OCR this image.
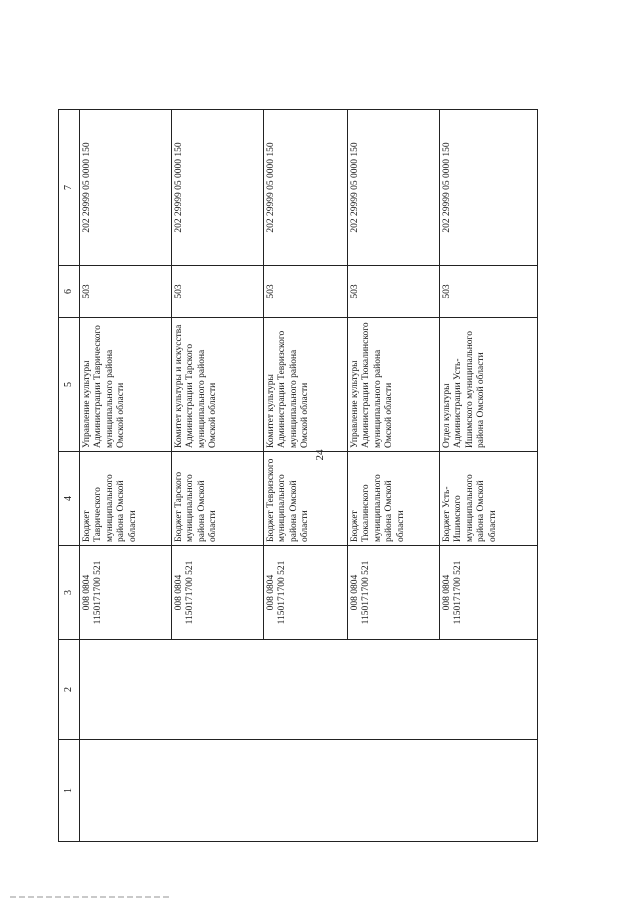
24
1	2	3	4	5	6	7
		008 0804
1150171700 521	Бюджет Таврического муниципального района Омской области	Управление культуры Администрации Таврического муниципального района Омской области	503	202 29999 05 0000 150
		008 0804
1150171700 521	Бюджет Тарского муниципального района Омской области	Комитет культуры и искусства Администрации Тарского муниципального района Омской области	503	202 29999 05 0000 150
		008 0804
1150171700 521	Бюджет Тевризского муниципального района Омской области	Комитет культуры Администрации Тевризского муниципального района Омской области	503	202 29999 05 0000 150
		008 0804
1150171700 521	Бюджет Тюкалинского муниципального района Омской области	Управление культуры Администрации Тюкалинского муниципального района Омской области	503	202 29999 05 0000 150
		008 0804
1150171700 521	Бюджет Усть-Ишимского муниципального района Омской области	Отдел культуры Администрации Усть-Ишимского муниципального района Омской области	503	202 29999 05 0000 150
